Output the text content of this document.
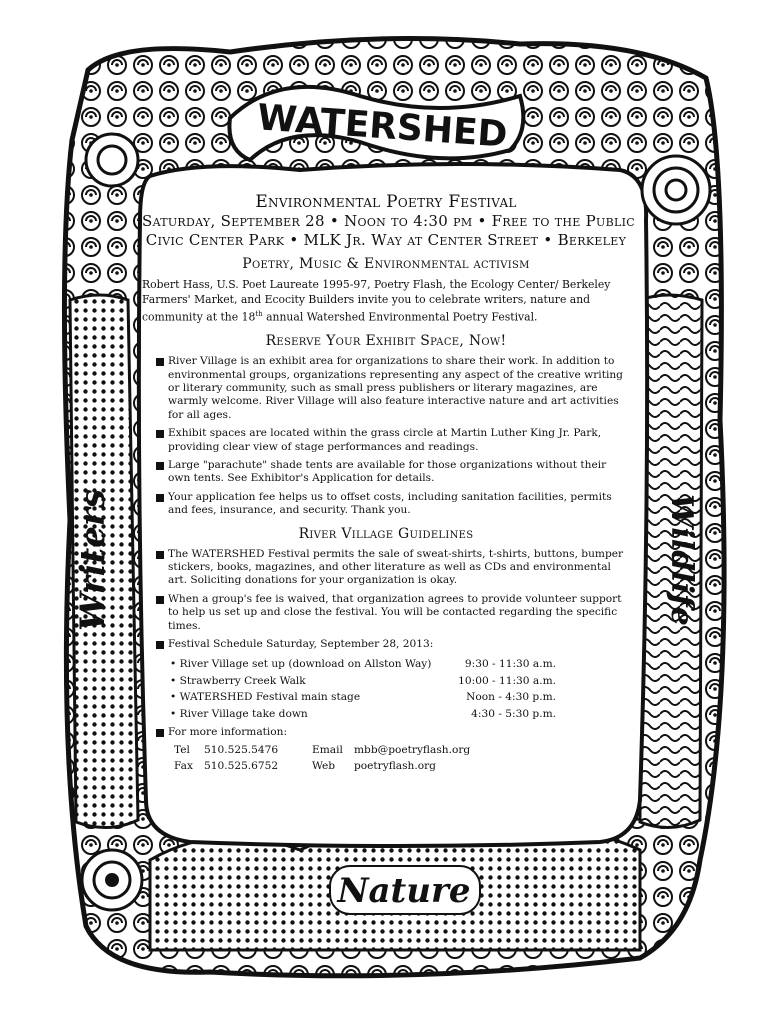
WATERSHED
Writers	Wildlife
Nature
Environmental Poetry Festival
Saturday, September 28 • Noon to 4:30 pm • Free to the Public
Civic Center Park • MLK Jr. Way at Center Street • Berkeley
Poetry, Music & Environmental activism
Robert Hass, U.S. Poet Laureate 1995-97, Poetry Flash, the Ecology Center/ Berkeley Farmers' Market, and Ecocity Builders invite you to celebrate writers, nature and community at the 18th annual Watershed Environmental Poetry Festival.
Reserve Your Exhibit Space, Now!
River Village is an exhibit area for organizations to share their work. In addition to environmental groups, organizations representing any aspect of the creative writing or literary community, such as small press publishers or literary magazines, are warmly welcome. River Village will also feature interactive nature and art activities for all ages.
Exhibit spaces are located within the grass circle at Martin Luther King Jr. Park, providing clear view of stage performances and readings.
Large "parachute" shade tents are available for those organizations without their own tents. See Exhibitor's Application for details.
Your application fee helps us to offset costs, including sanitation facilities, permits and fees, insurance, and security. Thank you.
River Village Guidelines
The WATERSHED Festival permits the sale of sweat-shirts, t-shirts, buttons, bumper stickers, books, magazines, and other literature as well as CDs and environmental art. Soliciting donations for your organization is okay.
When a group's fee is waived, that organization agrees to provide volunteer support to help us set up and close the festival. You will be contacted regarding the specific times.
Festival Schedule Saturday, September 28, 2013:
• River Village set up (download on Allston Way)	9:30 - 11:30 a.m.
• Strawberry Creek Walk	10:00 - 11:30 a.m.
• WATERSHED Festival main stage	Noon - 4:30 p.m.
• River Village take down	4:30 - 5:30 p.m.
For more information:
Tel	510.525.5476	Email	mbb@poetryflash.org
Fax	510.525.6752	Web	poetryflash.org
